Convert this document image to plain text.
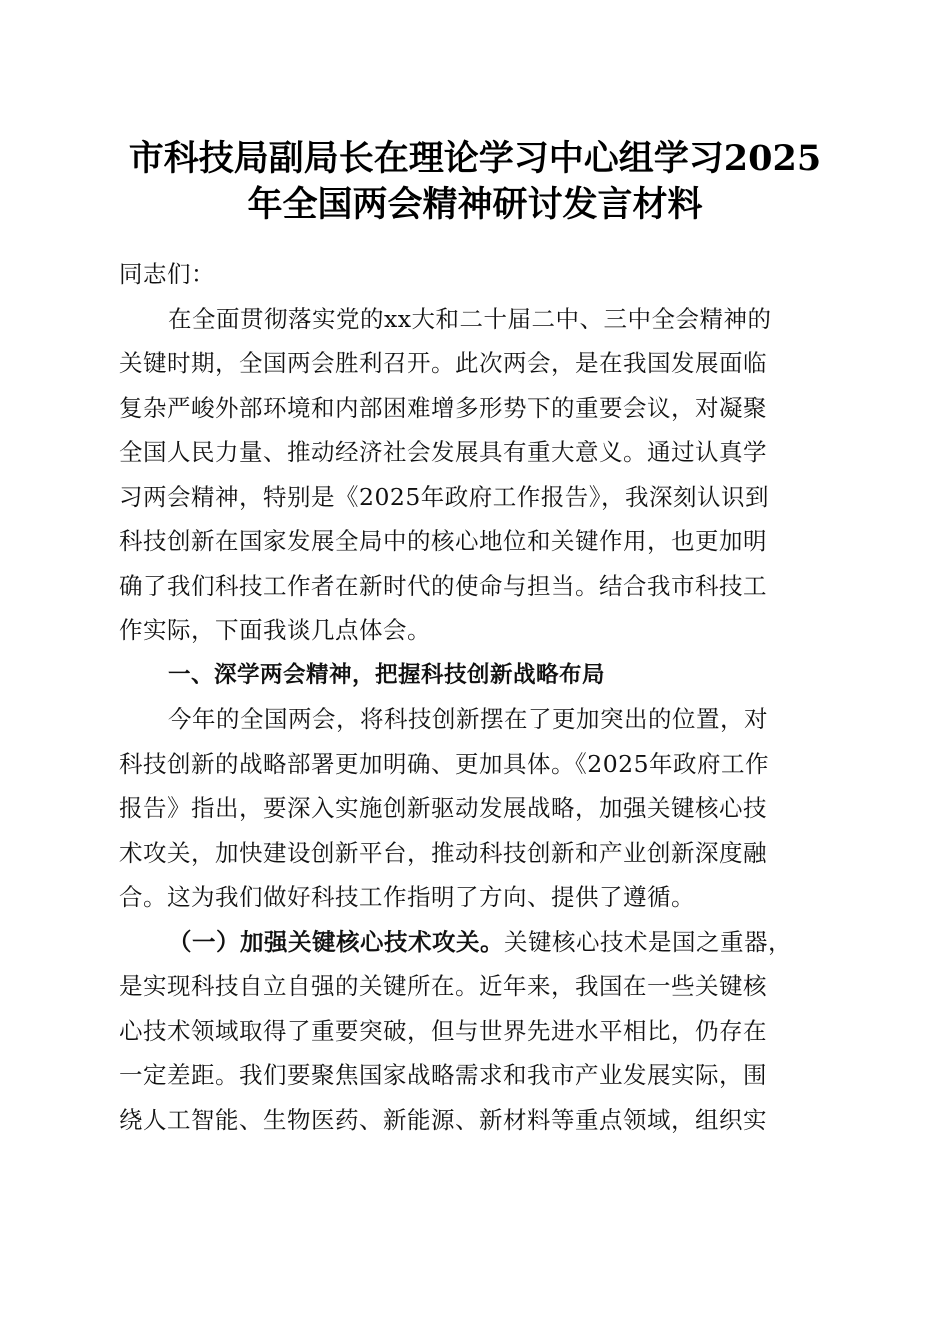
市科技局副局长在理论学习中心组学习2025
年全国两会精神研讨发言材料
同志们：
在全面贯彻落实党的xx大和二十届二中、三中全会精神的
关键时期，全国两会胜利召开。此次两会，是在我国发展面临
复杂严峻外部环境和内部困难增多形势下的重要会议，对凝聚
全国人民力量、推动经济社会发展具有重大意义。通过认真学
习两会精神，特别是《2025年政府工作报告》，我深刻认识到
科技创新在国家发展全局中的核心地位和关键作用，也更加明
确了我们科技工作者在新时代的使命与担当。结合我市科技工
作实际，下面我谈几点体会。
一、深学两会精神，把握科技创新战略布局
今年的全国两会，将科技创新摆在了更加突出的位置，对
科技创新的战略部署更加明确、更加具体。《2025年政府工作
报告》指出，要深入实施创新驱动发展战略，加强关键核心技
术攻关，加快建设创新平台，推动科技创新和产业创新深度融
合。这为我们做好科技工作指明了方向、提供了遵循。
（一）加强关键核心技术攻关。关键核心技术是国之重器，
是实现科技自立自强的关键所在。近年来，我国在一些关键核
心技术领域取得了重要突破，但与世界先进水平相比，仍存在
一定差距。我们要聚焦国家战略需求和我市产业发展实际，围
绕人工智能、生物医药、新能源、新材料等重点领域，组织实
